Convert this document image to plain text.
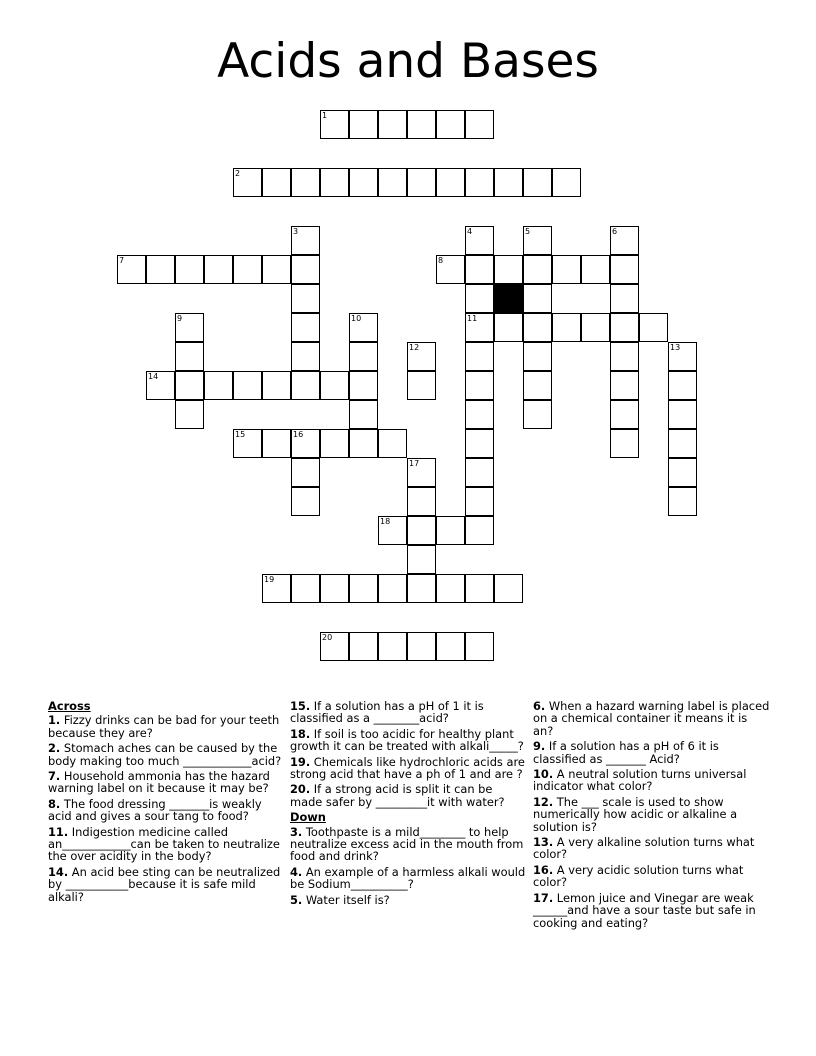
Acids and Bases
1
2
3	4	5	6
7	8
9	10	11
12	13
14
15	16
17
18
19
20
Across
1. Fizzy drinks can be bad for your teeth because they are?
2. Stomach aches can be caused by the body making too much ____________acid?
7. Household ammonia has the hazard warning label on it because it may be?
8. The food dressing _______is weakly acid and gives a sour tang to food?
11. Indigestion medicine called an____________can be taken to neutralize the over acidity in the body?
14. An acid bee sting can be neutralized by ___________because it is safe mild alkali?
15. If a solution has a pH of 1 it is classified as a ________acid?
18. If soil is too acidic for healthy plant growth it can be treated with alkali_____?
19. Chemicals like hydrochloric acids are strong acid that have a ph of 1 and are ?
20. If a strong acid is split it can be made safer by _________it with water?
Down
3. Toothpaste is a mild________ to help neutralize excess acid in the mouth from food and drink?
4. An example of a harmless alkali would be Sodium__________?
5. Water itself is?
6. When a hazard warning label is placed on a chemical container it means it is an?
9. If a solution has a pH of 6 it is classified as _______ Acid?
10. A neutral solution turns universal indicator what color?
12. The ___ scale is used to show numerically how acidic or alkaline a solution is?
13. A very alkaline solution turns what color?
16. A very acidic solution turns what color?
17. Lemon juice and Vinegar are weak ______and have a sour taste but safe in cooking and eating?
